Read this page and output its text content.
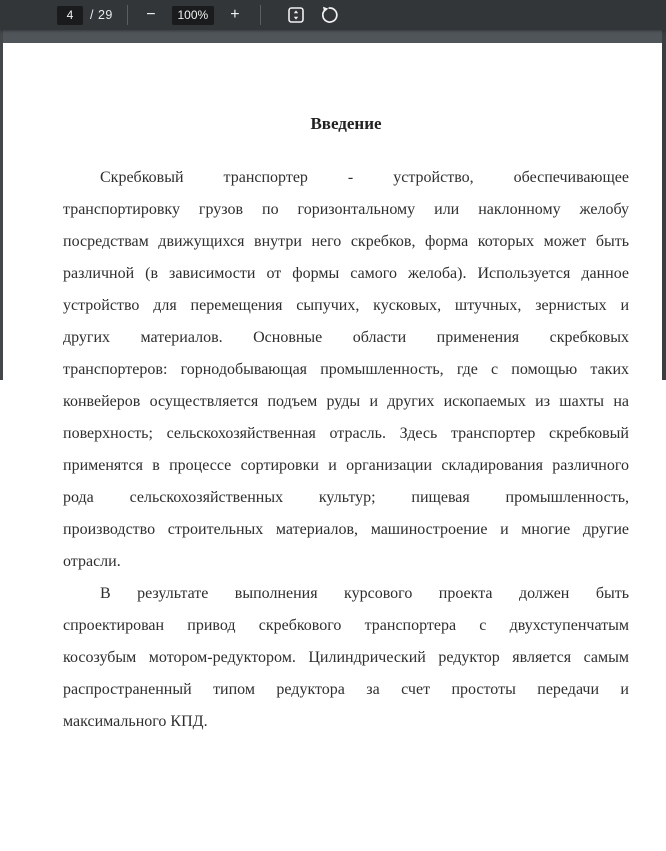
4
/ 29	−	100%	+
Введение
Скребковый транспортер - устройство, обеспечивающее
транспортировку грузов по горизонтальному или наклонному желобу
посредствам движущихся внутри него скребков, форма которых может быть
различной (в зависимости от формы самого желоба). Используется данное
устройство для перемещения сыпучих, кусковых, штучных, зернистых и
других материалов. Основные области применения скребковых
транспортеров: горнодобывающая промышленность, где с помощью таких
конвейеров осуществляется подъем руды и других ископаемых из шахты на
поверхность; сельскохозяйственная отрасль. Здесь транспортер скребковый
применятся в процессе сортировки и организации складирования различного
рода сельскохозяйственных культур; пищевая промышленность,
производство строительных материалов, машиностроение и многие другие
отрасли.
В результате выполнения курсового проекта должен быть
спроектирован привод скребкового транспортера с двухступенчатым
косозубым мотором-редуктором. Цилиндрический редуктор является самым
распространенный типом редуктора за счет простоты передачи и
максимального КПД.
